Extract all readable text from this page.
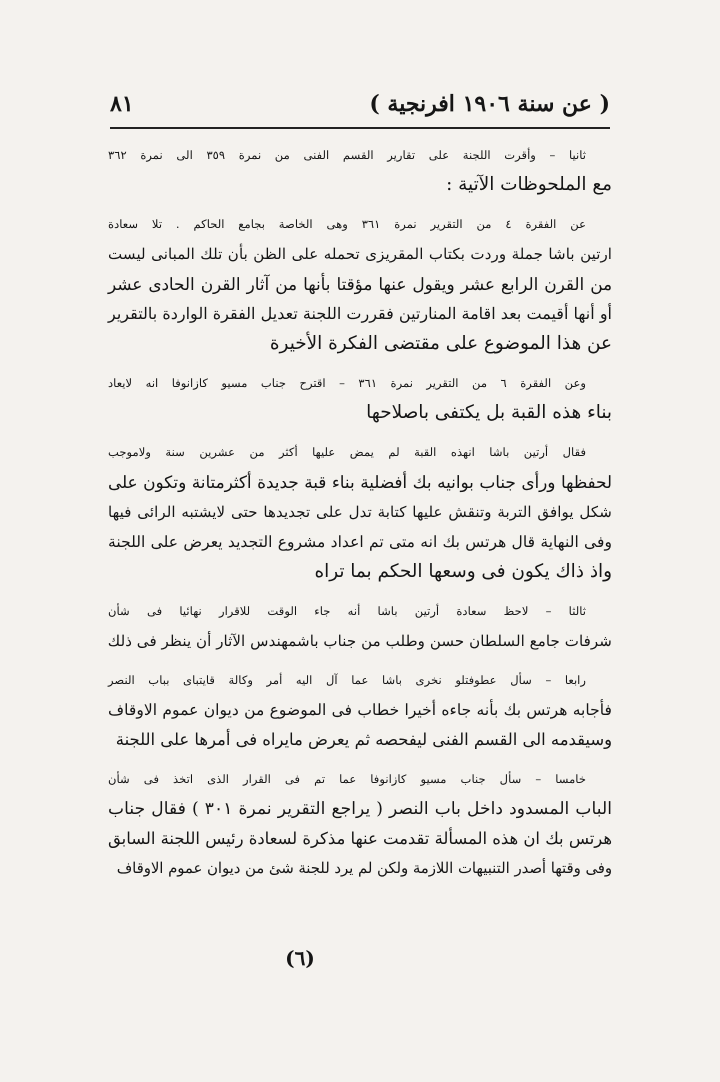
( عن سنة ١٩٠٦ افرنجية )
٨١
ثانيا – وأقرت اللجنة على تقارير القسم الفنى من نمرة ٣٥٩ الى نمرة ٣٦٢
مع الملحوظات الآتية :
عن الفقرة ٤ من التقرير نمرة ٣٦١ وهى الخاصة بجامع الحاكم . تلا سعادة
ارتين باشا جملة وردت بكتاب المقريزى تحمله على الظن بأن تلك المبانى ليست
من القرن الرابع عشر ويقول عنها مؤقتا بأنها من آثار القرن الحادى عشر
أو أنها أقيمت بعد اقامة المنارتين فقررت اللجنة تعديل الفقرة الواردة بالتقرير
عن هذا الموضوع على مقتضى الفكرة الأخيرة
وعن الفقرة ٦ من التقرير نمرة ٣٦١ – اقترح جناب مسيو كازانوفا انه لايعاد
بناء هذه القبة بل يكتفى باصلاحها
فقال أرتين باشا انهذه القبة لم يمض عليها أكثر من عشرين سنة ولاموجب
لحفظها ورأى جناب بوانيه بك أفضلية بناء قبة جديدة أكثرمتانة وتكون على
شكل يوافق التربة وتنقش عليها كتابة تدل على تجديدها حتى لايشتبه الرائى فيها
وفى النهاية قال هرتس بك انه متى تم اعداد مشروع التجديد يعرض على اللجنة
واذ ذاك يكون فى وسعها الحكم بما تراه
ثالثا – لاحظ سعادة أرتين باشا أنه جاء الوقت للاقرار نهائيا فى شأن
شرفات جامع السلطان حسن وطلب من جناب باشمهندس الآثار أن ينظر فى ذلك
رابعا – سأل عطوفتلو نخرى باشا عما آل اليه أمر وكالة قايتباى بباب النصر
فأجابه هرتس بك بأنه جاءه أخيرا خطاب فى الموضوع من ديوان عموم الاوقاف
وسيقدمه الى القسم الفنى ليفحصه ثم يعرض مايراه فى أمرها على اللجنة
خامسا – سأل جناب مسيو كازانوفا عما تم فى القرار الذى اتخذ فى شأن
الباب المسدود داخل باب النصر ( يراجع التقرير نمرة ٣٠١ ) فقال جناب
هرتس بك ان هذه المسألة تقدمت عنها مذكرة لسعادة رئيس اللجنة السابق
وفى وقتها أصدر التنبيهات اللازمة ولكن لم يرد للجنة شئ من ديوان عموم الاوقاف
(٦)
